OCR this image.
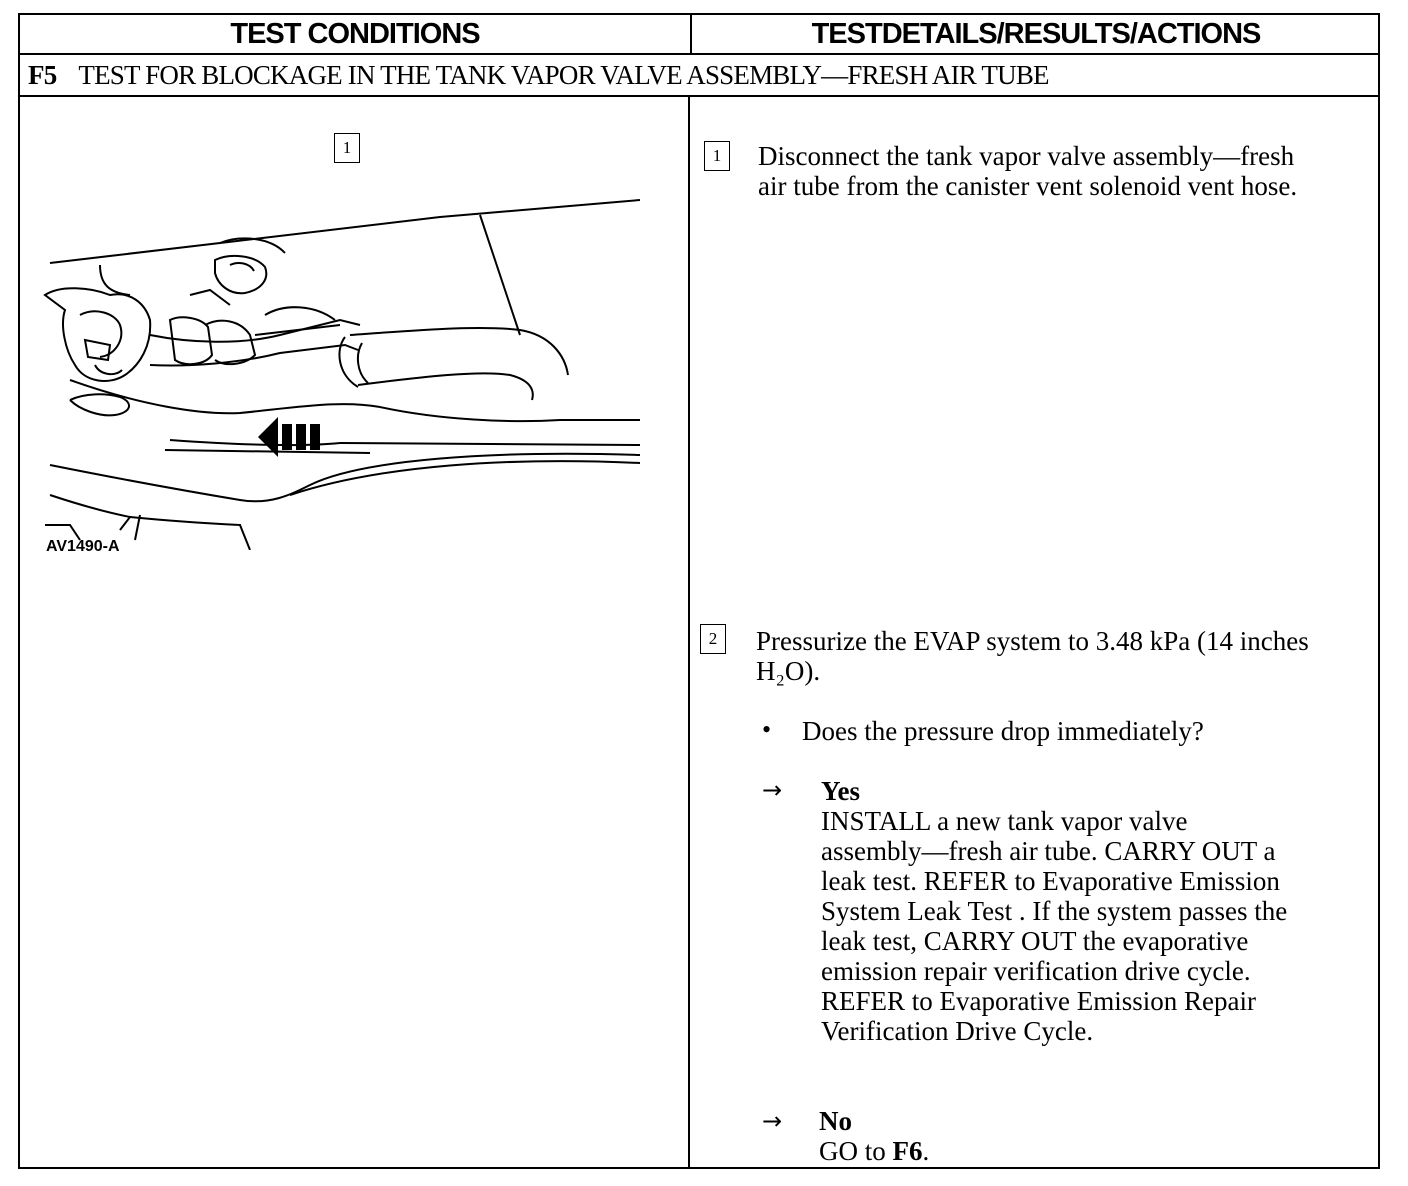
TEST CONDITIONS	TESTDETAILS/RESULTS/ACTIONS
F5 TEST FOR BLOCKAGE IN THE TANK VAPOR VALVE ASSEMBLY—FRESH AIR TUBE
1
AV1490-A
1	Disconnect the tank vapor valve assembly—fresh
air tube from the canister vent solenoid vent hose.
2	Pressurize the EVAP system to 3.48 kPa (14 inches
H₂O).
• Does the pressure drop immediately?
→ Yes
INSTALL a new tank vapor valve
assembly—fresh air tube. CARRY OUT a
leak test. REFER to Evaporative Emission
System Leak Test . If the system passes the
leak test, CARRY OUT the evaporative
emission repair verification drive cycle.
REFER to Evaporative Emission Repair
Verification Drive Cycle.
→ No
GO to F6.
